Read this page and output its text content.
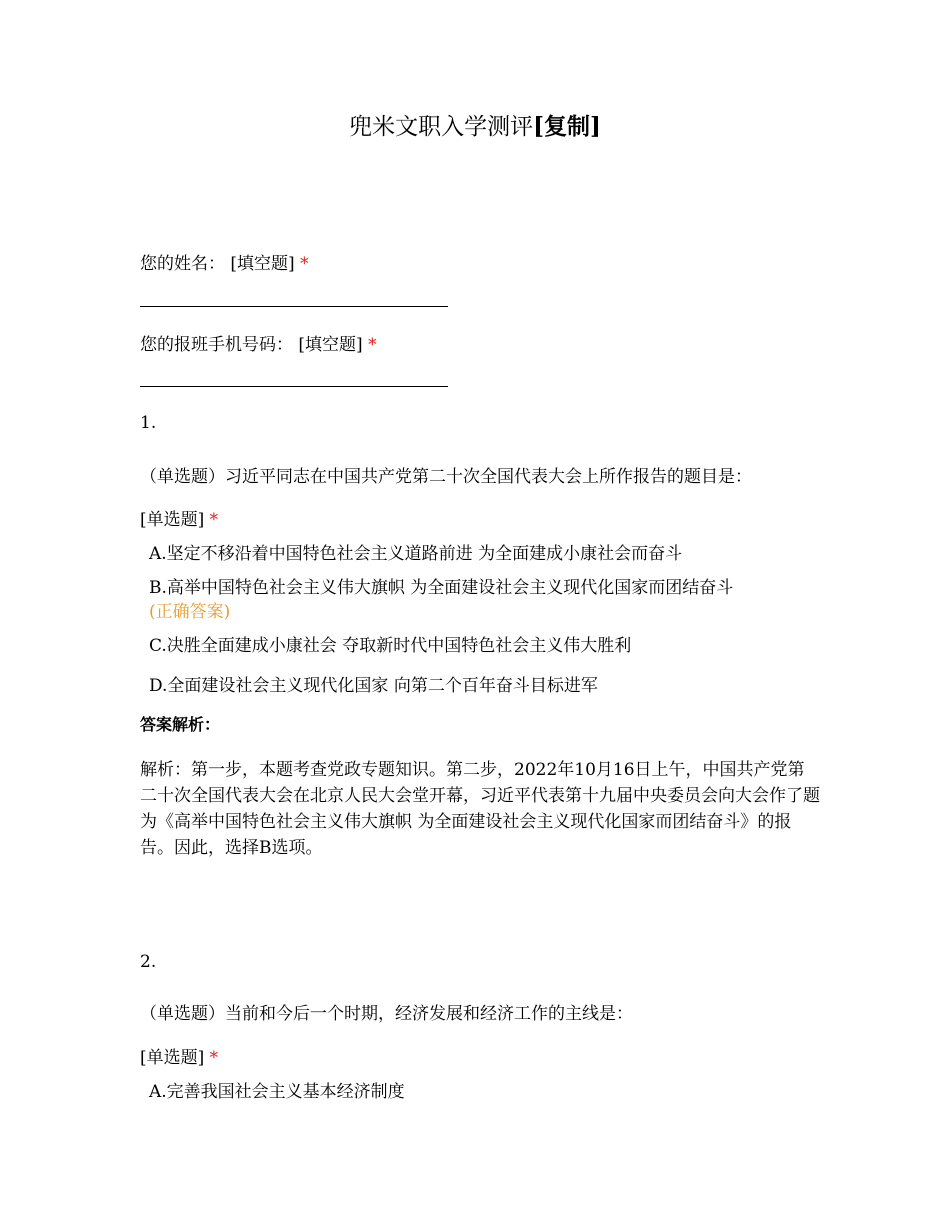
兜米文职入学测评[复制]
您的姓名： [填空题] *
您的报班手机号码： [填空题] *
1.
（单选题）习近平同志在中国共产党第二十次全国代表大会上所作报告的题目是：
[单选题] *
A.坚定不移沿着中国特色社会主义道路前进 为全面建成小康社会而奋斗
B.高举中国特色社会主义伟大旗帜 为全面建设社会主义现代化国家而团结奋斗
(正确答案)
C.决胜全面建成小康社会 夺取新时代中国特色社会主义伟大胜利
D.全面建设社会主义现代化国家 向第二个百年奋斗目标进军
答案解析：
解析：第一步，本题考查党政专题知识。第二步，2022年10月16日上午，中国共产党第二十次全国代表大会在北京人民大会堂开幕，习近平代表第十九届中央委员会向大会作了题为《高举中国特色社会主义伟大旗帜 为全面建设社会主义现代化国家而团结奋斗》的报告。因此，选择B选项。
2.
（单选题）当前和今后一个时期，经济发展和经济工作的主线是：
[单选题] *
A.完善我国社会主义基本经济制度
